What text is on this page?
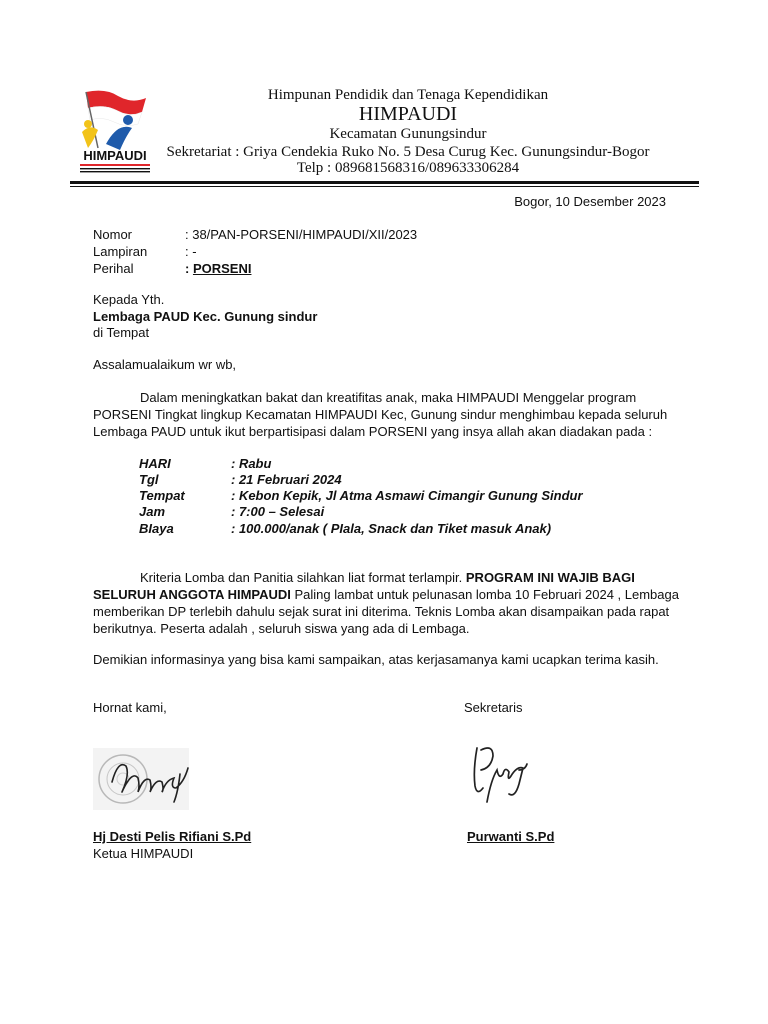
HIMPAUDI
Himpunan Pendidik dan Tenaga Kependidikan
HIMPAUDI
Kecamatan Gunungsindur
Sekretariat : Griya Cendekia Ruko No. 5 Desa Curug Kec. Gunungsindur-Bogor
Telp : 089681568316/089633306284
Bogor, 10 Desember 2023
Nomor	: 38/PAN-PORSENI/HIMPAUDI/XII/2023
Lampiran	: -
Perihal	: PORSENI
Kepada Yth.
Lembaga PAUD Kec. Gunung sindur
di Tempat
Assalamualaikum wr wb,
Dalam meningkatkan bakat dan kreatifitas anak, maka HIMPAUDI Menggelar program PORSENI Tingkat lingkup Kecamatan HIMPAUDI Kec, Gunung sindur menghimbau kepada seluruh Lembaga PAUD untuk ikut berpartisipasi dalam PORSENI yang insya allah akan diadakan pada :
HARI	: Rabu
Tgl	: 21 Februari 2024
Tempat	: Kebon Kepik, Jl Atma Asmawi Cimangir Gunung Sindur
Jam	: 7:00 – Selesai
BIaya	: 100.000/anak ( PIala, Snack dan Tiket masuk Anak)
Kriteria Lomba dan Panitia silahkan liat format terlampir. PROGRAM INI WAJIB BAGI SELURUH ANGGOTA HIMPAUDI Paling lambat untuk pelunasan lomba 10 Februari 2024 , Lembaga memberikan DP terlebih dahulu sejak surat ini diterima. Teknis Lomba akan disampaikan pada rapat berikutnya. Peserta adalah , seluruh siswa yang ada di Lembaga.
Demikian informasinya yang bisa kami sampaikan, atas kerjasamanya kami ucapkan terima kasih.
Hornat kami,	Sekretaris
Hj Desti Pelis Rifiani S.Pd
Ketua HIMPAUDI
Purwanti S.Pd
